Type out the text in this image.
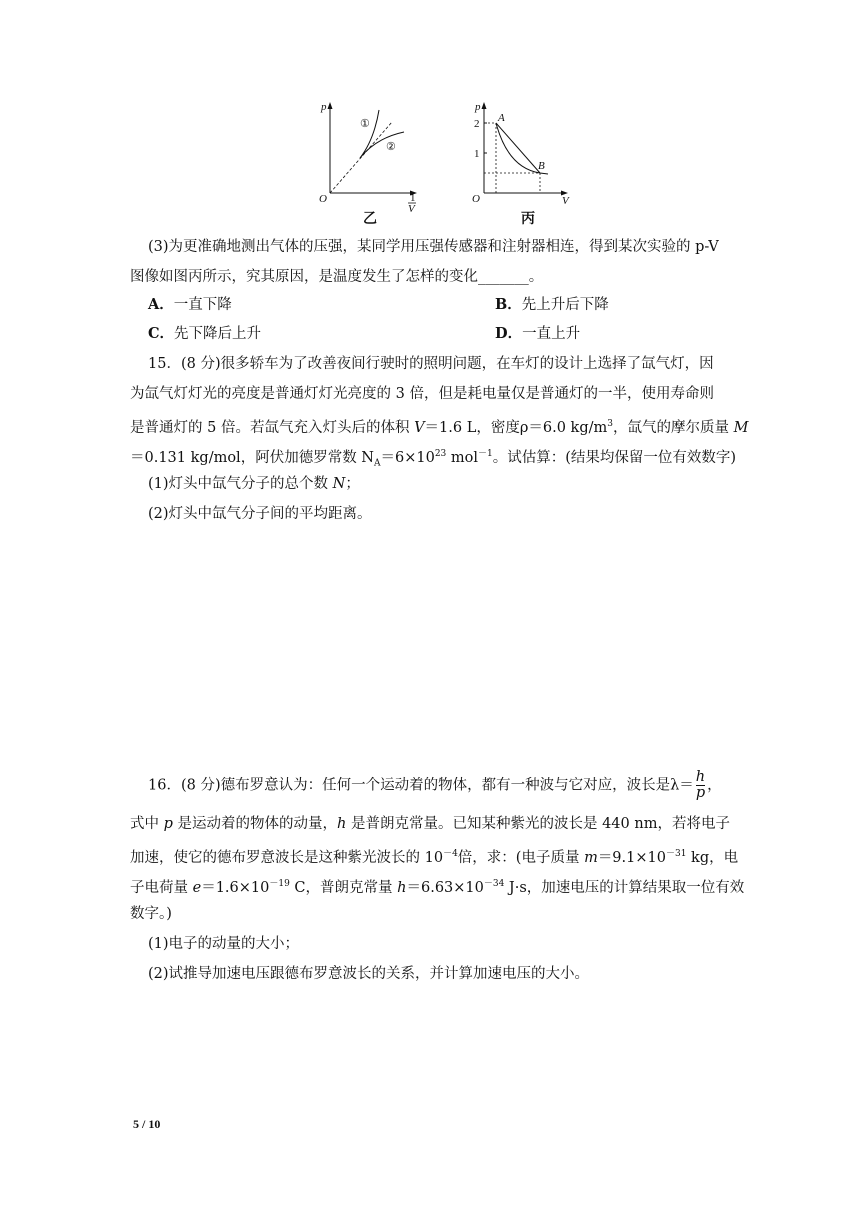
p
O
①
②
1
V
乙
p
2
1
O
A
B
V
丙
(3)为更准确地测出气体的压强，某同学用压强传感器和注射器相连，得到某次实验的 p-V
图像如图丙所示，究其原因，是温度发生了怎样的变化_______。
A．一直下降	B．先上升后下降
C．先下降后上升	D．一直上升
15．(8 分)很多轿车为了改善夜间行驶时的照明问题，在车灯的设计上选择了氙气灯，因
为氙气灯灯光的亮度是普通灯灯光亮度的 3 倍，但是耗电量仅是普通灯的一半，使用寿命则
是普通灯的 5 倍。若氙气充入灯头后的体积 V＝1.6 L，密度ρ＝6.0 $kg/m^3$，氙气的摩尔质量 M
＝0.131 kg/mol，阿伏加德罗常数 $N_A=6\times 10^{23}$ mol$^{-1}$。试估算：(结果均保留一位有效数字)
(1)灯头中氙气分子的总个数 N；
(2)灯头中氙气分子间的平均距离。
16．(8 分)德布罗意认为：任何一个运动着的物体，都有一种波与它对应，波长是$\lambda= \frac{h}{p}$ ，
式中 p 是运动着的物体的动量，h 是普朗克常量。已知某种紫光的波长是 440 nm，若将电子
加速，使它的德布罗意波长是这种紫光波长的 $10^{-4}$倍，求：(电子质量 $m=9.1\times 10^{-31}$ kg，电
子电荷量 $e=1.6\times 10^{-19}$ C，普朗克常量 $h=6.63\times 10^{-34}$ J·s，加速电压的计算结果取一位有效
数字。)
(1)电子的动量的大小；
(2)试推导加速电压跟德布罗意波长的关系，并计算加速电压的大小。
5 / 10
